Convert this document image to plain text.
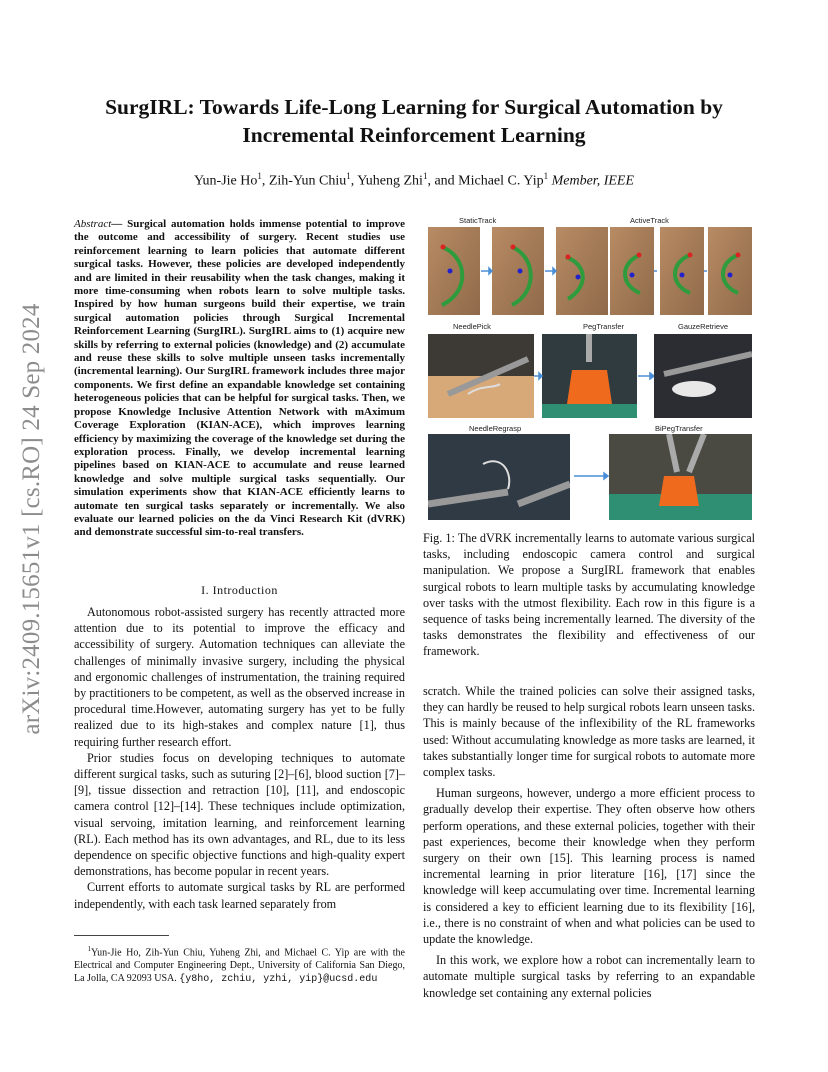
arXiv:2409.15651v1 [cs.RO] 24 Sep 2024
SurgIRL: Towards Life-Long Learning for Surgical Automation by
Incremental Reinforcement Learning
Yun-Jie Ho$^1$, Zih-Yun Chiu$^1$, Yuheng Zhi$^1$, and Michael C. Yip$^1$ Member, IEEE
Abstract— Surgical automation holds immense potential to improve the outcome and accessibility of surgery. Recent studies use reinforcement learning to learn policies that automate different surgical tasks. However, these policies are developed independently and are limited in their reusability when the task changes, making it more time-consuming when robots learn to solve multiple tasks. Inspired by how human surgeons build their expertise, we train surgical automation policies through Surgical Incremental Reinforcement Learning (SurgIRL). SurgIRL aims to (1) acquire new skills by referring to external policies (knowledge) and (2) accumulate and reuse these skills to solve multiple unseen tasks incrementally (incremental learning). Our SurgIRL framework includes three major components. We first define an expandable knowledge set containing heterogeneous policies that can be helpful for surgical tasks. Then, we propose Knowledge Inclusive Attention Network with mAximum Coverage Exploration (KIAN-ACE), which improves learning efficiency by maximizing the coverage of the knowledge set during the exploration process. Finally, we develop incremental learning pipelines based on KIAN-ACE to accumulate and reuse learned knowledge and solve multiple surgical tasks sequentially. Our simulation experiments show that KIAN-ACE efficiently learns to automate ten surgical tasks separately or incrementally. We also evaluate our learned policies on the da Vinci Research Kit (dVRK) and demonstrate successful sim-to-real transfers.
I. Introduction

Autonomous robot-assisted surgery has recently attracted more attention due to its potential to improve the efficacy and accessibility of surgery. Automation techniques can alleviate the challenges of minimally invasive surgery, including the physical and ergonomic challenges of instrumentation, the training required by practitioners to be competent, as well as the observed increase in procedural time.However, automating surgery has yet to be fully realized due to its high-stakes and complex nature [1], thus requiring further research effort.

Prior studies focus on developing techniques to automate different surgical tasks, such as suturing [2]–[6], blood suction [7]–[9], tissue dissection and retraction [10], [11], and endoscopic camera control [12]–[14]. These techniques include optimization, visual servoing, imitation learning, and reinforcement learning (RL). Each method has its own advantages, and RL, due to its less dependence on specific objective functions and high-quality expert demonstrations, has become popular in recent years.

Current efforts to automate surgical tasks by RL are performed independently, with each task learned separately from

$^1$Yun-Jie Ho, Zih-Yun Chiu, Yuheng Zhi, and Michael C. Yip are with the Electrical and Computer Engineering Dept., University of California San Diego, La Jolla, CA 92093 USA. {y8ho, zchiu, yzhi, yip}@ucsd.edu
StaticTrack	ActiveTrack
NeedlePick	PegTransfer	GauzeRetrieve
NeedleRegrasp	BiPegTransfer
Fig. 1: The dVRK incrementally learns to automate various surgical tasks, including endoscopic camera control and surgical manipulation. We propose a SurgIRL framework that enables surgical robots to learn multiple tasks by accumulating knowledge over tasks with the utmost flexibility. Each row in this figure is a sequence of tasks being incrementally learned. The diversity of the tasks demonstrates the flexibility and effectiveness of our framework.

scratch. While the trained policies can solve their assigned tasks, they can hardly be reused to help surgical robots learn unseen tasks. This is mainly because of the inflexibility of the RL frameworks used: Without accumulating knowledge as more tasks are learned, it takes substantially longer time for surgical robots to automate more complex tasks.

Human surgeons, however, undergo a more efficient process to gradually develop their expertise. They often observe how others perform operations, and these external policies, together with their past experiences, become their knowledge when they perform surgery on their own [15]. This learning process is named incremental learning in prior literature [16], [17] since the knowledge will keep accumulating over time. Incremental learning is considered a key to efficient learning due to its flexibility [16], i.e., there is no constraint of when and what policies can be used to update the knowledge.

In this work, we explore how a robot can incrementally learn to automate multiple surgical tasks by referring to an expandable knowledge set containing any external policies
